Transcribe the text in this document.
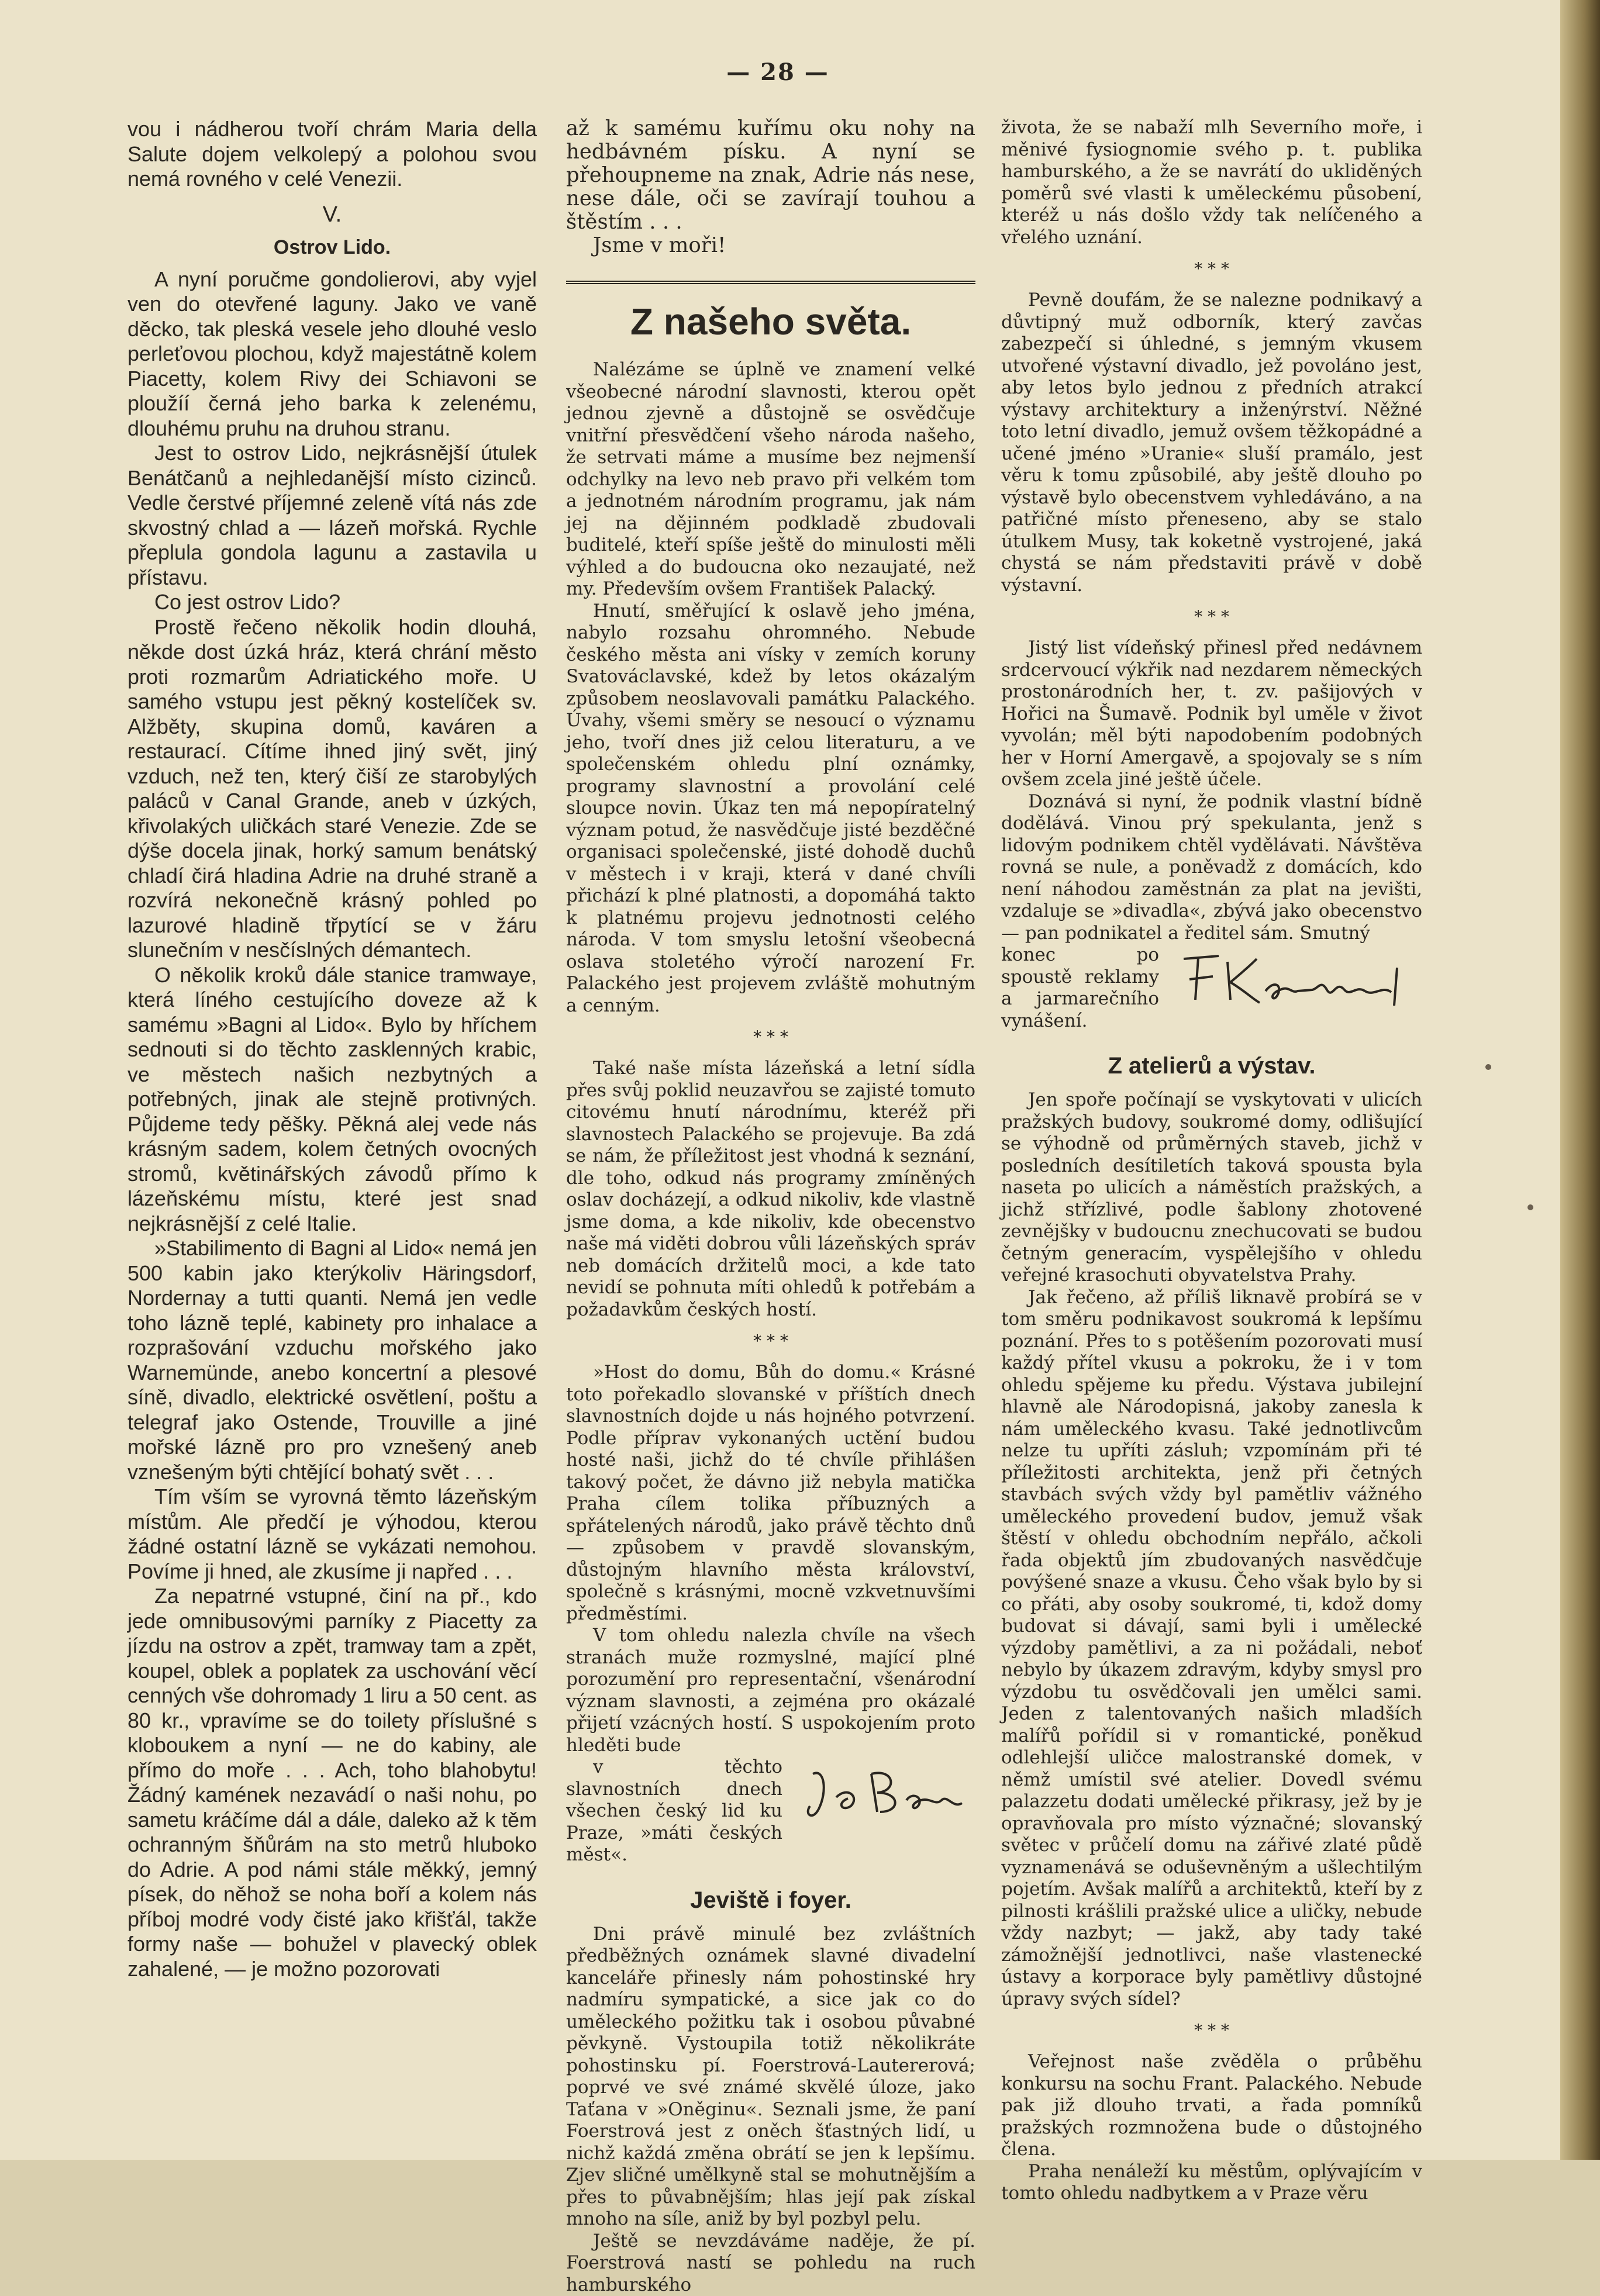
— 28 —

vou i nádherou tvoří chrám Maria della Salute dojem velkolepý a polohou svou nemá rovného v celé Venezii.

V.
Ostrov Lido.

A nyní poručme gondolierovi, aby vyjel ven do otevřené laguny. Jako ve vaně děcko, tak pleská vesele jeho dlouhé veslo perleťovou plochou, když majestátně kolem Piacetty, kolem Rivy dei Schiavoni se ploužíí černá jeho barka k zelenému, dlouhému pruhu na druhou stranu.

Jest to ostrov Lido, nejkrásnější útulek Benátčanů a nejhledanější místo cizinců. Vedle čerstvé příjemné zeleně vítá nás zde skvostný chlad a — lázeň mořská. Rychle přeplula gondola lagunu a zastavila u přístavu.

Co jest ostrov Lido?

Prostě řečeno několik hodin dlouhá, někde dost úzká hráz, která chrání město proti rozmarům Adriatického moře. U samého vstupu jest pěkný kostelíček sv. Alžběty, skupina domů, kaváren a restaurací. Cítíme ihned jiný svět, jiný vzduch, než ten, který čiší ze starobylých paláců v Canal Grande, aneb v úzkých, křivolakých uličkách staré Venezie. Zde se dýše docela jinak, horký samum benátský chladí čirá hladina Adrie na druhé straně a rozvírá nekonečně krásný pohled po lazurové hladině třpytící se v žáru slunečním v nesčíslných démantech.

O několik kroků dále stanice tramwaye, která líného cestujícího doveze až k samému »Bagni al Lido«. Bylo by hříchem sednouti si do těchto zasklenných krabic, ve městech našich nezbytných a potřebných, jinak ale stejně protivných. Půjdeme tedy pěšky. Pěkná alej vede nás krásným sadem, kolem četných ovocných stromů, květinářských závodů přímo k lázeňskému místu, které jest snad nejkrásnější z celé Italie.

»Stabilimento di Bagni al Lido« nemá jen 500 kabin jako kterýkoliv Häringsdorf, Nordernay a tutti quanti. Nemá jen vedle toho lázně teplé, kabinety pro inhalace a rozprašování vzduchu mořského jako Warnemünde, anebo koncertní a plesové síně, divadlo, elektrické osvětlení, poštu a telegraf jako Ostende, Trouville a jiné mořské lázně pro pro vznešený aneb vznešeným býti chtějící bohatý svět . . .

Tím vším se vyrovná těmto lázeňským místům. Ale předčí je výhodou, kterou žádné ostatní lázně se vykázati nemohou. Povíme ji hned, ale zkusíme ji napřed . . .

Za nepatrné vstupné, činí na př., kdo jede omnibusovými parníky z Piacetty za jízdu na ostrov a zpět, tramway tam a zpět, koupel, oblek a poplatek za uschování věcí cenných vše dohromady 1 liru a 50 cent. as 80 kr., vpravíme se do toilety příslušné s kloboukem a nyní — ne do kabiny, ale přímo do moře . . . Ach, toho blahobytu! Žádný kamének nezavádí o naši nohu, po sametu kráčíme dál a dále, daleko až k těm ochranným šňůrám na sto metrů hluboko do Adrie. A pod námi stále měkký, jemný písek, do něhož se noha boří a kolem nás příboj modré vody čisté jako křišťál, takže formy naše — bohužel v plavecký oblek zahalené, — je možno pozorovati

až k samému kuřímu oku nohy na hedbávném písku. A nyní se přehoupneme na znak, Adrie nás nese, nese dále, oči se zavírají touhou a štěstím . . .

Jsme v moři!

Z našeho světa.

Nalézáme se úplně ve znamení velké všeobecné národní slavnosti, kterou opět jednou zjevně a důstojně se osvědčuje vnitřní přesvědčení všeho národa našeho, že setrvati máme a musíme bez nejmenší odchylky na levo neb pravo při velkém tom a jednotném národním programu, jak nám jej na dějinném podkladě zbudovali buditelé, kteří spíše ještě do minulosti měli výhled a do budoucna oko nezaujaté, než my. Především ovšem František Palacký.

Hnutí, směřující k oslavě jeho jména, nabylo rozsahu ohromného. Nebude českého města ani vísky v zemích koruny Svatováclavské, kdež by letos okázalým způsobem neoslavovali památku Palackého. Úvahy, všemi směry se nesoucí o významu jeho, tvoří dnes již celou literaturu, a ve společenském ohledu plní oznámky, programy slavnostní a provolání celé sloupce novin. Úkaz ten má nepopíratelný význam potud, že nasvědčuje jisté bezděčné organisaci společenské, jisté dohodě duchů v městech i v kraji, která v dané chvíli přichází k plné platnosti, a dopomáhá takto k platnému projevu jednotnosti celého národa. V tom smyslu letošní všeobecná oslava stoletého výročí narození Fr. Palackého jest projevem zvláště mohutným a cenným.

* * *

Také naše místa lázeňská a letní sídla přes svůj poklid neuzavřou se zajisté tomuto citovému hnutí národnímu, kteréž při slavnostech Palackého se projevuje. Ba zdá se nám, že příležitost jest vhodná k seznání, dle toho, odkud nás programy zmíněných oslav docházejí, a odkud nikoliv, kde vlastně jsme doma, a kde nikoliv, kde obecenstvo naše má viděti dobrou vůli lázeňských správ neb domácích držitelů moci, a kde tato nevidí se pohnuta míti ohledů k potřebám a požadavkům českých hostí.

* * *

»Host do domu, Bůh do domu.« Krásné toto pořekadlo slovanské v příštích dnech slavnostních dojde u nás hojného potvrzení. Podle příprav vykonaných uctění budou hosté naši, jichž do té chvíle přihlášen takový počet, že dávno již nebyla matička Praha cílem tolika příbuzných a spřátelených národů, jako právě těchto dnů — způsobem v pravdě slovanským, důstojným hlavního města království, společně s krásnými, mocně vzkvetnuvšími předměstími.

V tom ohledu nalezla chvíle na všech stranách muže rozmyslné, mající plné porozumění pro representační, všenárodní význam slavnosti, a zejména pro okázalé přijetí vzácných hostí. S uspokojením proto hleděti bude

v těchto slavnostních dnech všechen český lid ku Praze, »máti českých měst«.

Jeviště i foyer.

Dni právě minulé bez zvláštních předběžných oznámek slavné divadelní kanceláře přinesly nám pohostinské hry nadmíru sympatické, a sice jak co do uměleckého požitku tak i osobou půvabné pěvkyně. Vystoupila totiž několikráte pohostinsku pí. Foerstrová-Lautererová; poprvé ve své známé skvělé úloze, jako Taťana v »Oněginu«. Seznali jsme, že paní Foerstrová jest z oněch šťastných lidí, u nichž každá změna obrátí se jen k lepšímu. Zjev sličné umělkyně stal se mohutnějším a přes to půvabnějším; hlas její pak získal mnoho na síle, aniž by byl pozbyl pelu.

Ještě se nevzdáváme naděje, že pí. Foerstrová nastí se pohledu na ruch hamburského

života, že se nabaží mlh Severního moře, i měnivé fysiognomie svého p. t. publika hamburského, a že se navrátí do ukliděných poměrů své vlasti k uměleckému působení, kteréž u nás došlo vždy tak nelíčeného a vřelého uznání.

* * *

Pevně doufám, že se nalezne podnikavý a důvtipný muž odborník, který zavčas zabezpečí si úhledné, s jemným vkusem utvořené výstavní divadlo, jež povoláno jest, aby letos bylo jednou z předních atrakcí výstavy architektury a inženýrství. Něžné toto letní divadlo, jemuž ovšem těžkopádné a učené jméno »Uranie« sluší pramálo, jest věru k tomu způsobilé, aby ještě dlouho po výstavě bylo obecenstvem vyhledáváno, a na patřičné místo přeneseno, aby se stalo útulkem Musy, tak koketně vystrojené, jaká chystá se nám představiti právě v době výstavní.

* * *

Jistý list vídeňský přinesl před nedávnem srdcervoucí výkřik nad nezdarem německých prostonárodních her, t. zv. pašijových v Hořici na Šumavě. Podnik byl uměle v život vyvolán; měl býti napodobením podobných her v Horní Amergavě, a spojovaly se s ním ovšem zcela jiné ještě účele.

Doznává si nyní, že podnik vlastní bídně dodělává. Vinou prý spekulanta, jenž s lidovým podnikem chtěl vydělávati. Návštěva rovná se nule, a poněvadž z domácích, kdo není náhodou zaměstnán za plat na jevišti, vzdaluje se »divadla«, zbývá jako obecenstvo — pan podnikatel a ředitel sám. Smutný

konec po spoustě reklamy a jarmarečního vynášení.

Z atelierů a výstav.

Jen spoře počínají se vyskytovati v ulicích pražských budovy, soukromé domy, odlišující se výhodně od průměrných staveb, jichž v posledních desítiletích taková spousta byla naseta po ulicích a náměstích pražských, a jichž střízlivé, podle šablony zhotovené zevnějšky v budoucnu znechucovati se budou četným generacím, vyspělejšího v ohledu veřejné krasochuti obyvatelstva Prahy.

Jak řečeno, až příliš liknavě probírá se v tom směru podnikavost soukromá k lepšímu poznání. Přes to s potěšením pozorovati musí každý přítel vkusu a pokroku, že i v tom ohledu spějeme ku předu. Výstava jubilejní hlavně ale Národopisná, jakoby zanesla k nám uměleckého kvasu. Také jednotlivcům nelze tu upříti zásluh; vzpomínám při té příležitosti architekta, jenž při četných stavbách svých vždy byl pamětliv vážného uměleckého provedení budov, jemuž však štěstí v ohledu obchodním nepřálo, ačkoli řada objektů jím zbudovaných nasvědčuje povýšené snaze a vkusu. Čeho však bylo by si co přáti, aby osoby soukromé, ti, kdož domy budovat si dávají, sami byli i umělecké výzdoby pamětlivi, a za ni požádali, neboť nebylo by úkazem zdravým, kdyby smysl pro výzdobu tu osvědčovali jen umělci sami. Jeden z talentovaných našich mladších malířů pořídil si v romantické, poněkud odlehlejší uličce malostranské domek, v němž umístil své atelier. Dovedl svému palazzetu dodati umělecké přikrasy, jež by je opravňovala pro místo význačné; slovanský světec v průčelí domu na zářivé zlaté půdě vyznamenává se oduševněným a ušlechtilým pojetím. Avšak malířů a architektů, kteří by z pilnosti krášlili pražské ulice a uličky, nebude vždy nazbyt; — jakž, aby tady také zámožnější jednotlivci, naše vlastenecké ústavy a korporace byly pamětlivy důstojné úpravy svých sídel?

* * *

Veřejnost naše zvěděla o průběhu konkursu na sochu Frant. Palackého. Nebude pak již dlouho trvati, a řada pomníků pražských rozmnožena bude o důstojného člena.

Praha nenáleží ku městům, oplývajícím v tomto ohledu nadbytkem a v Praze věru
